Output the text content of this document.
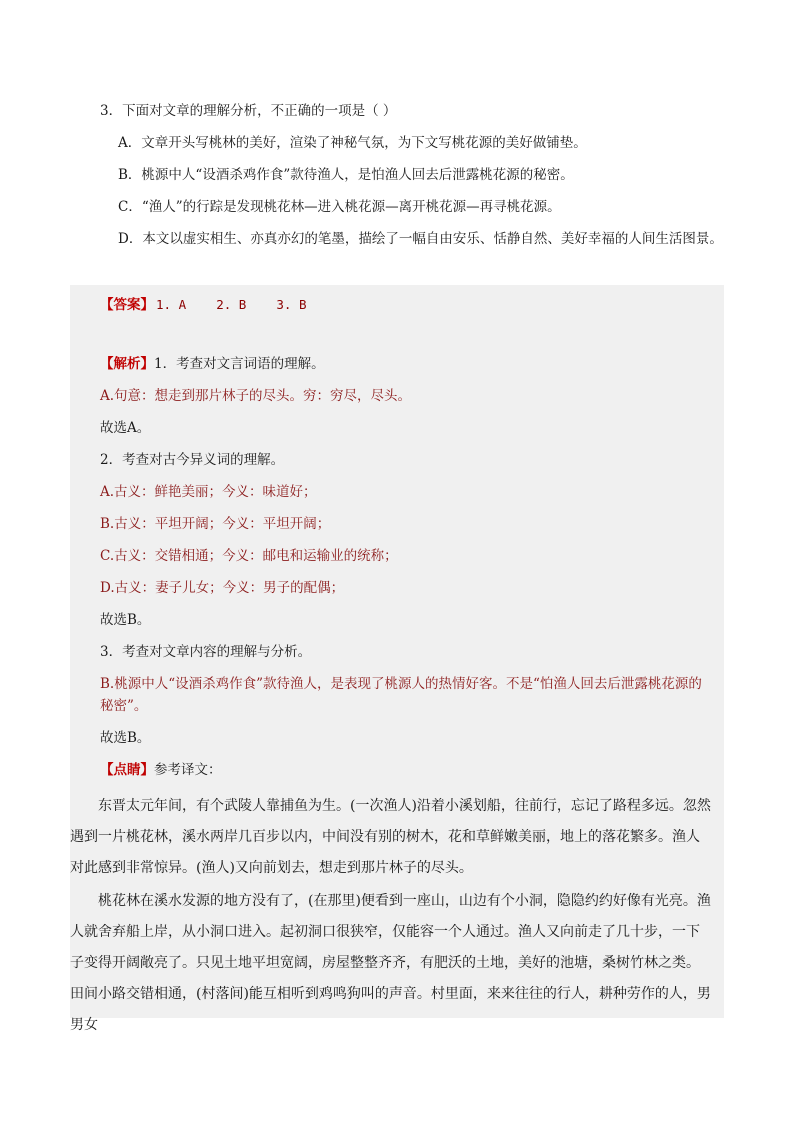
3．下面对文章的理解分析，不正确的一项是（ ）

A．文章开头写桃林的美好，渲染了神秘气氛，为下文写桃花源的美好做铺垫。

B．桃源中人“设酒杀鸡作食”款待渔人，是怕渔人回去后泄露桃花源的秘密。

C．“渔人”的行踪是发现桃花林—进入桃花源—离开桃花源—再寻桃花源。

D．本文以虚实相生、亦真亦幻的笔墨，描绘了一幅自由安乐、恬静自然、美好幸福的人间生活图景。

【答案】 1. A    2. B    3. B

【解析】1．考查对文言词语的理解。

A.句意：想走到那片林子的尽头。穷：穷尽，尽头。

故选A。

2．考查对古今异义词的理解。

A.古义：鲜艳美丽；今义：味道好；

B.古义：平坦开阔；今义：平坦开阔；

C.古义：交错相通；今义：邮电和运输业的统称；

D.古义：妻子儿女；今义：男子的配偶；

故选B。

3．考查对文章内容的理解与分析。

B.桃源中人“设酒杀鸡作食”款待渔人，是表现了桃源人的热情好客。不是“怕渔人回去后泄露桃花源的秘密”。

故选B。

【点睛】参考译文：

东晋太元年间，有个武陵人靠捕鱼为生。(一次渔人)沿着小溪划船，往前行，忘记了路程多远。忽然遇到一片桃花林，溪水两岸几百步以内，中间没有别的树木，花和草鲜嫩美丽，地上的落花繁多。渔人对此感到非常惊异。(渔人)又向前划去，想走到那片林子的尽头。

桃花林在溪水发源的地方没有了，(在那里)便看到一座山，山边有个小洞，隐隐约约好像有光亮。渔人就舍弃船上岸，从小洞口进入。起初洞口很狭窄，仅能容一个人通过。渔人又向前走了几十步，一下子变得开阔敞亮了。只见土地平坦宽阔，房屋整整齐齐，有肥沃的土地，美好的池塘，桑树竹林之类。田间小路交错相通，(村落间)能互相听到鸡鸣狗叫的声音。村里面，来来往往的行人，耕种劳作的人，男男女
